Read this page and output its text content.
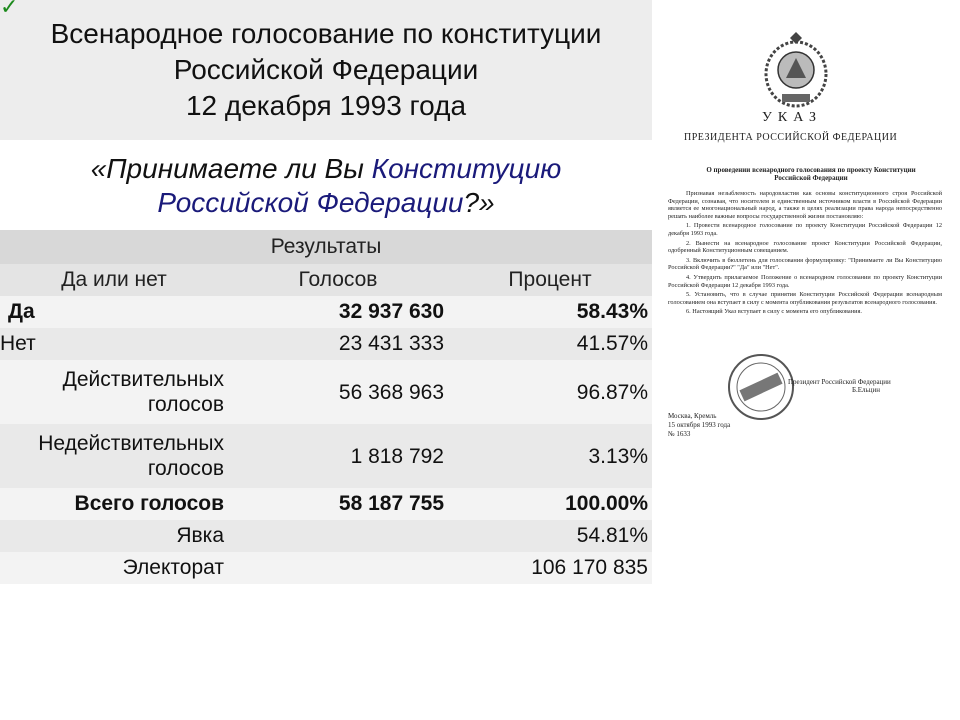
✓
Всенародное голосование по конституции
Российской Федерации
12 декабря 1993 года
«Принимаете ли Вы Конституцию
Российской Федерации?»
Результаты		
Да или нет	Голосов	Процент
Да	32 937 630	58.43%
Нет	23 431 333	41.57%
Действительных голосов	56 368 963	96.87%
Недействительных голосов	1 818 792	3.13%
Всего голосов	58 187 755	100.00%
Явка		54.81%
Электорат		106 170 835
УКАЗ
ПРЕЗИДЕНТА РОССИЙСКОЙ ФЕДЕРАЦИИ
О проведении всенародного голосования по проекту Конституции Российской Федерации

Признавая незыблемость народовластия как основы конституционного строя Российской Федерации, сознавая, что носителем и единственным источником власти в Российской Федерации является ее многонациональный народ, а также в целях реализации права народа непосредственно решать наиболее важные вопросы государственной жизни постановляю:

1. Провести всенародное голосование по проекту Конституции Российской Федерации 12 декабря 1993 года.

2. Вынести на всенародное голосование проект Конституции Российской Федерации, одобренный Конституционным совещанием.

3. Включить в бюллетень для голосования формулировку: "Принимаете ли Вы Конституцию Российской Федерации?" "Да" или "Нет".

4. Утвердить прилагаемое Положение о всенародном голосовании по проекту Конституции Российской Федерации 12 декабря 1993 года.

5. Установить, что в случае принятия Конституции Российской Федерации всенародным голосованием она вступает в силу с момента опубликования результатов всенародного голосования.

6. Настоящий Указ вступает в силу с момента его опубликования.

Президент Российской Федерации
Б.Ельцин
Москва, Кремль
15 октября 1993 года
№ 1633
